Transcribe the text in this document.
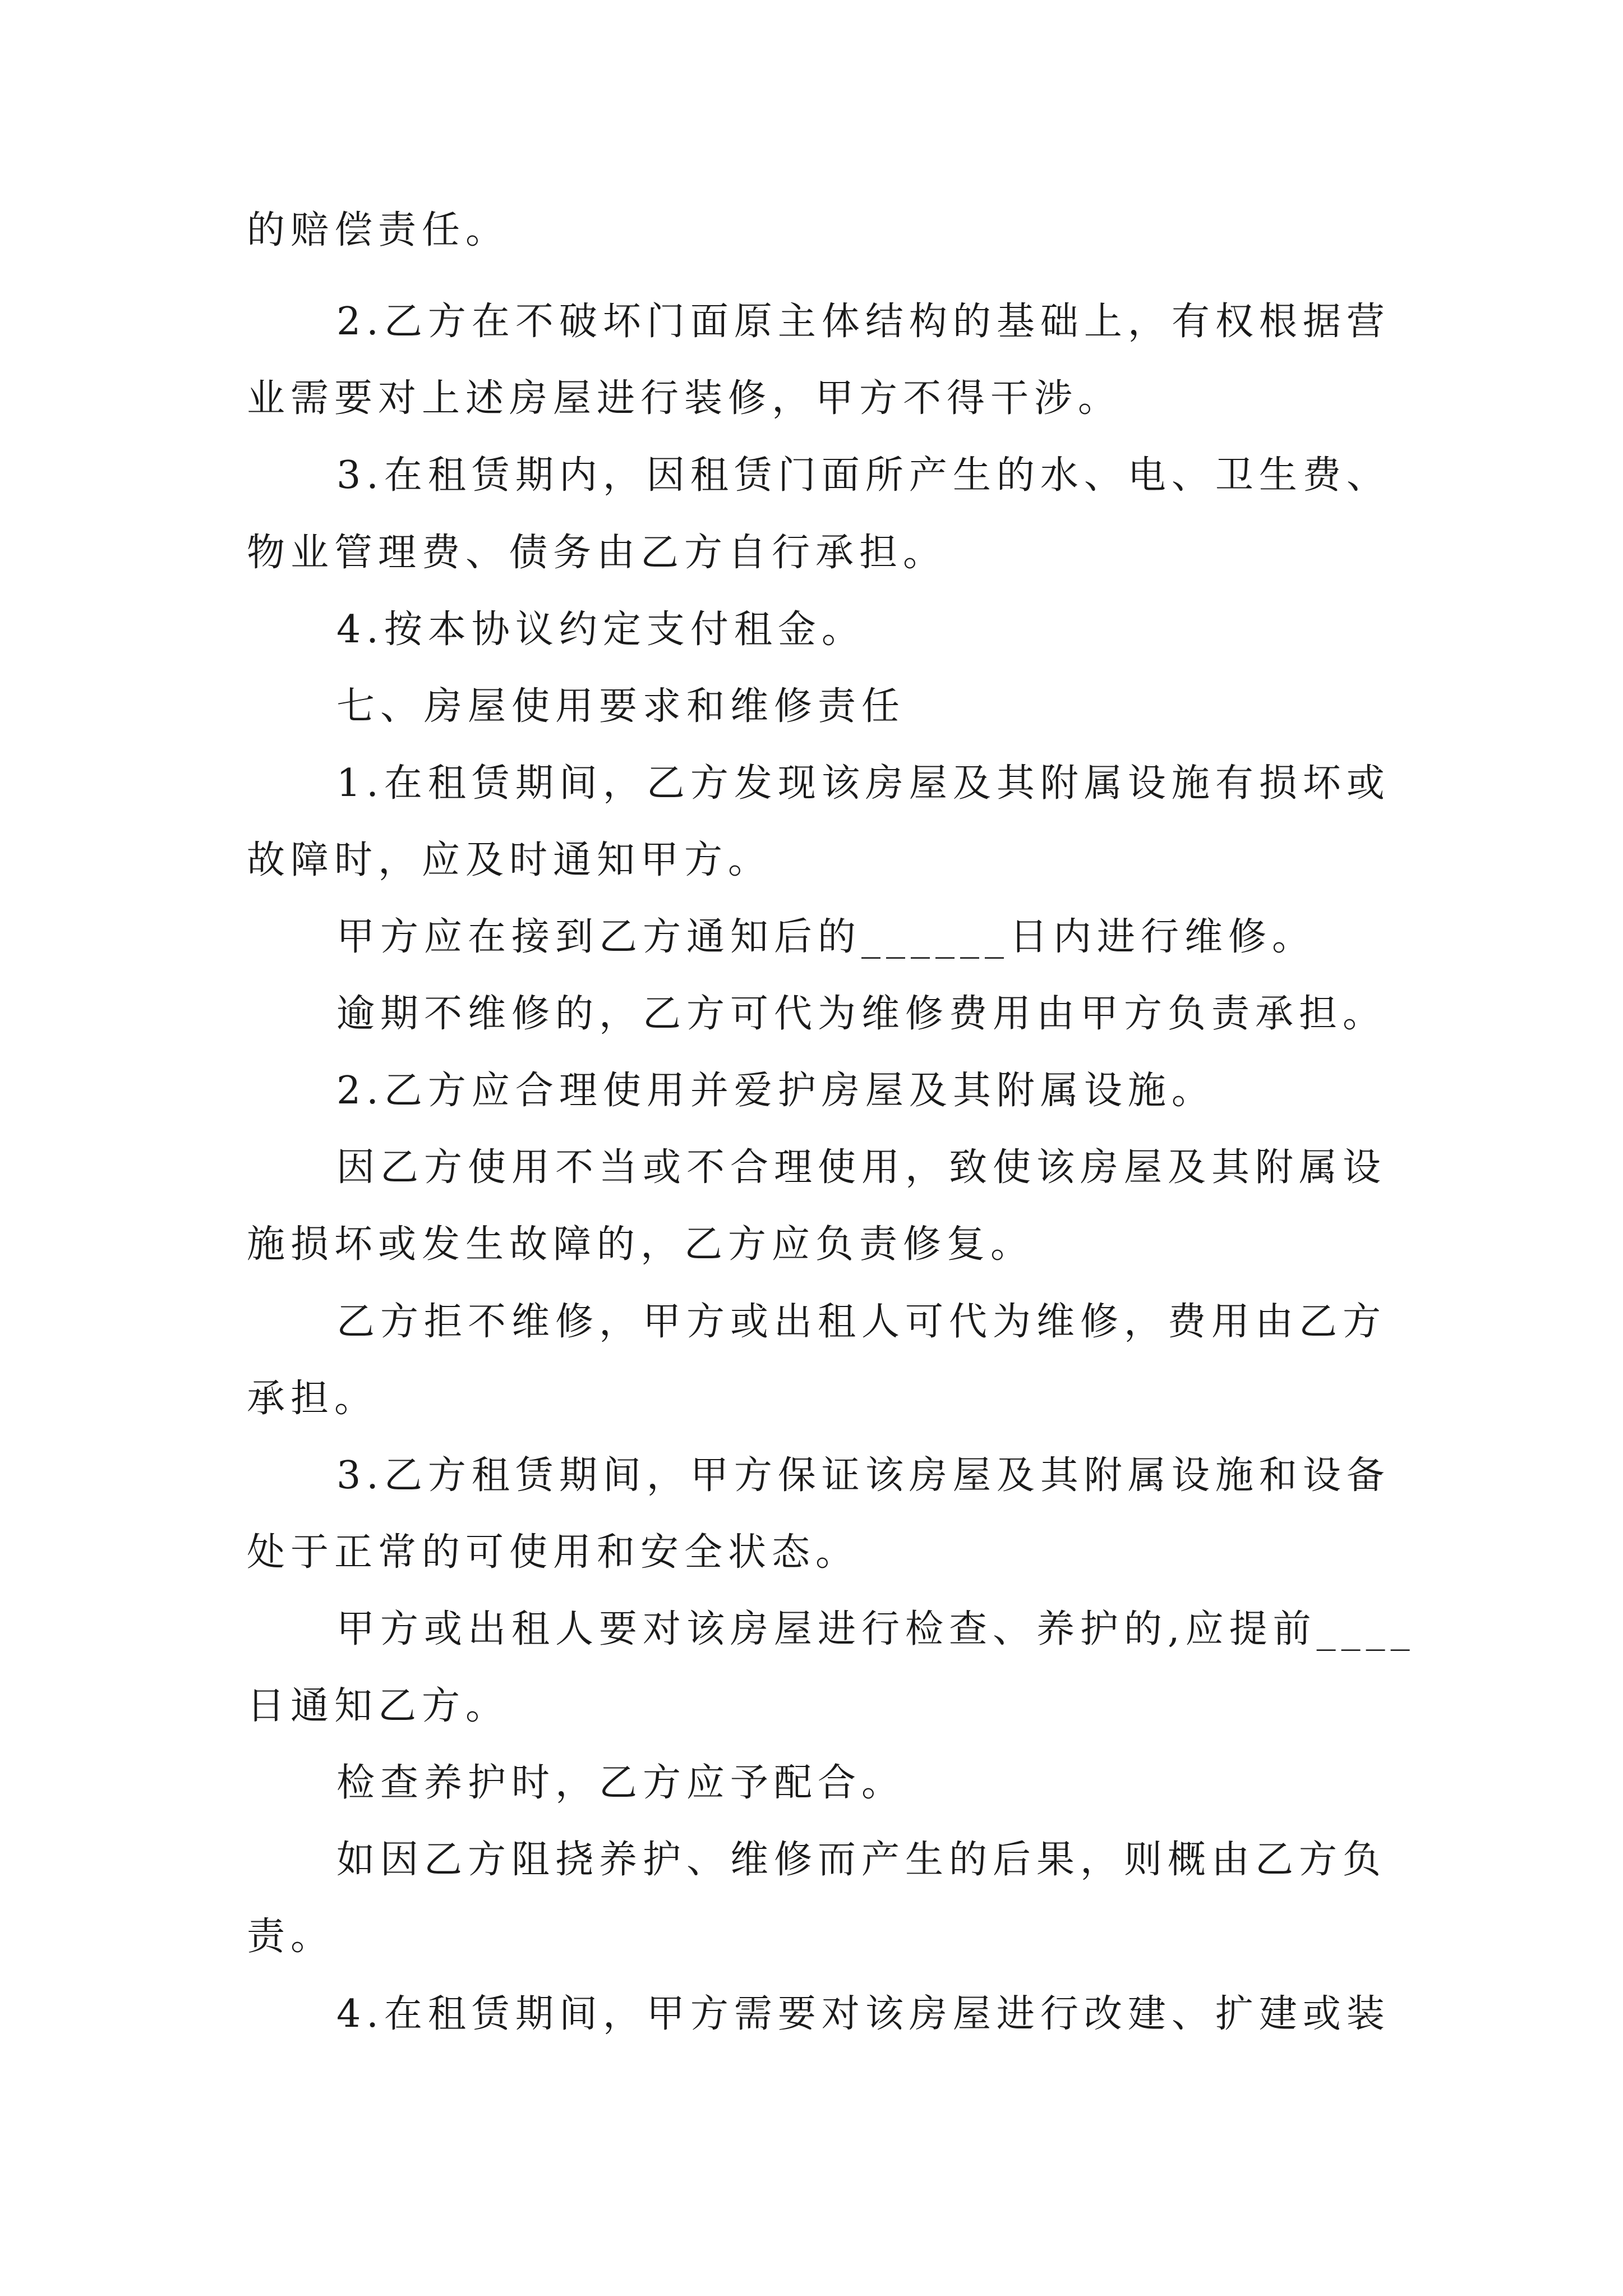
的赔偿责任。
2.乙方在不破坏门面原主体结构的基础上，有权根据营
业需要对上述房屋进行装修，甲方不得干涉。
3.在租赁期内，因租赁门面所产生的水、电、卫生费、
物业管理费、债务由乙方自行承担。
4.按本协议约定支付租金。
七、房屋使用要求和维修责任
1.在租赁期间，乙方发现该房屋及其附属设施有损坏或
故障时，应及时通知甲方。
甲方应在接到乙方通知后的______日内进行维修。
逾期不维修的，乙方可代为维修费用由甲方负责承担。
2.乙方应合理使用并爱护房屋及其附属设施。
因乙方使用不当或不合理使用，致使该房屋及其附属设
施损坏或发生故障的，乙方应负责修复。
乙方拒不维修，甲方或出租人可代为维修，费用由乙方
承担。
3.乙方租赁期间，甲方保证该房屋及其附属设施和设备
处于正常的可使用和安全状态。
甲方或出租人要对该房屋进行检查、养护的,应提前____
日通知乙方。
检查养护时，乙方应予配合。
如因乙方阻挠养护、维修而产生的后果，则概由乙方负
责。
4.在租赁期间，甲方需要对该房屋进行改建、扩建或装
